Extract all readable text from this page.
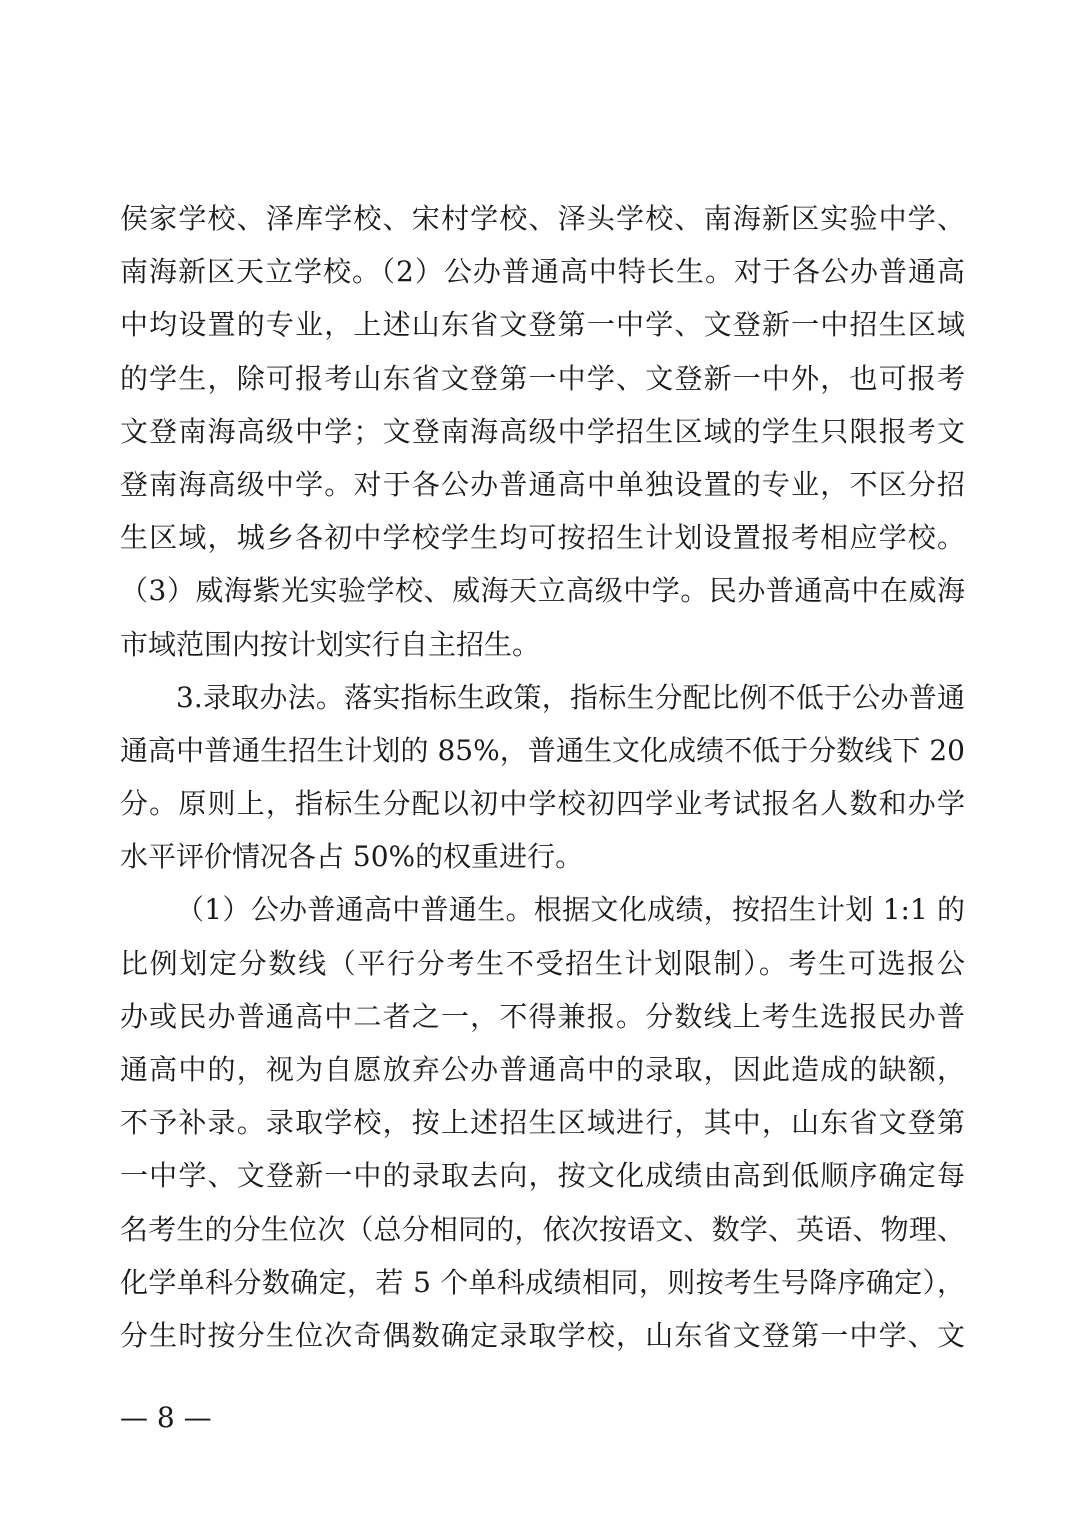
侯家学校、泽库学校、宋村学校、泽头学校、南海新区实验中学、
南海新区天立学校。（2）公办普通高中特长生。对于各公办普通高
中均设置的专业，上述山东省文登第一中学、文登新一中招生区域
的学生，除可报考山东省文登第一中学、文登新一中外，也可报考
文登南海高级中学；文登南海高级中学招生区域的学生只限报考文
登南海高级中学。对于各公办普通高中单独设置的专业，不区分招
生区域，城乡各初中学校学生均可按招生计划设置报考相应学校。
（3）威海紫光实验学校、威海天立高级中学。民办普通高中在威海
市域范围内按计划实行自主招生。
3.录取办法。落实指标生政策，指标生分配比例不低于公办普通
通高中普通生招生计划的 85%，普通生文化成绩不低于分数线下 20
分。原则上，指标生分配以初中学校初四学业考试报名人数和办学
水平评价情况各占 50%的权重进行。
（1）公办普通高中普通生。根据文化成绩，按招生计划 1:1 的
比例划定分数线（平行分考生不受招生计划限制）。考生可选报公
办或民办普通高中二者之一，不得兼报。分数线上考生选报民办普
通高中的，视为自愿放弃公办普通高中的录取，因此造成的缺额，
不予补录。录取学校，按上述招生区域进行，其中，山东省文登第
一中学、文登新一中的录取去向，按文化成绩由高到低顺序确定每
名考生的分生位次（总分相同的，依次按语文、数学、英语、物理、
化学单科分数确定，若 5 个单科成绩相同，则按考生号降序确定），
分生时按分生位次奇偶数确定录取学校，山东省文登第一中学、文
— 8 —
